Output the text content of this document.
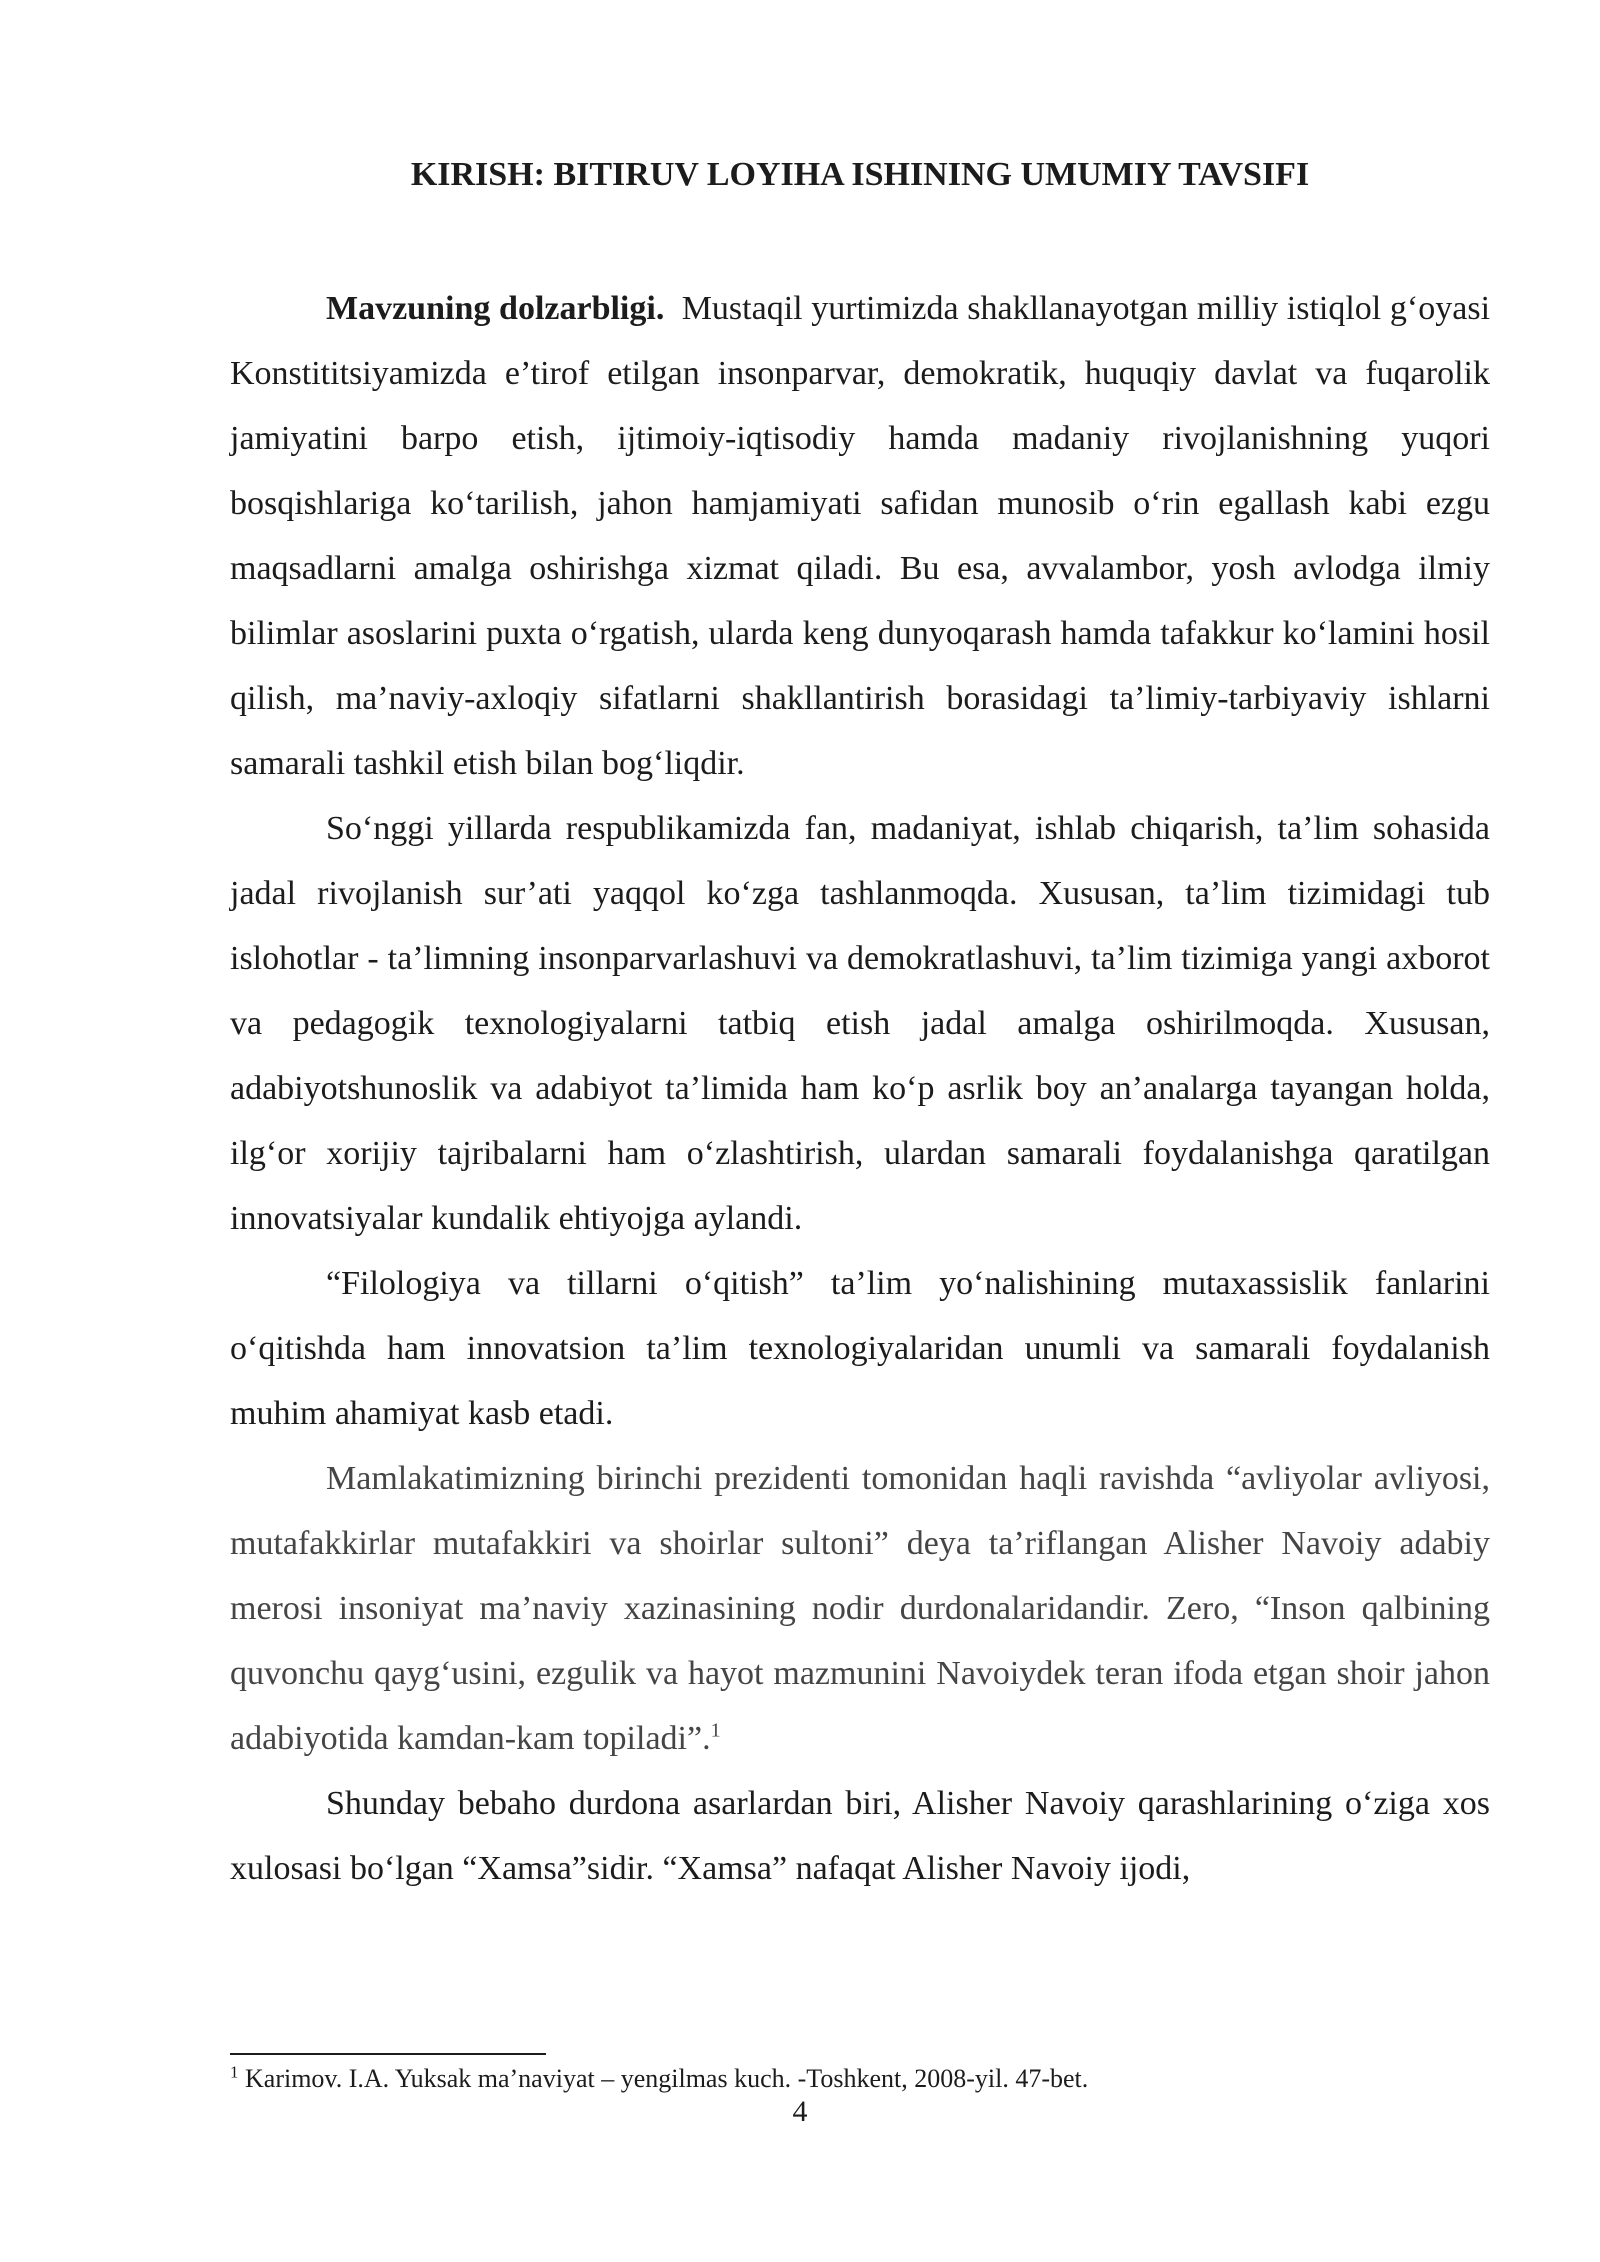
KIRISH: BITIRUV LOYIHA ISHINING UMUMIY TAVSIFI

Mavzuning dolzarbligi. Mustaqil yurtimizda shakllanayotgan milliy istiqlol g‘oyasi Konstititsiyamizda e’tirof etilgan insonparvar, demokratik, huquqiy davlat va fuqarolik jamiyatini barpo etish, ijtimoiy-iqtisodiy hamda madaniy rivojlanishning yuqori bosqishlariga ko‘tarilish, jahon hamjamiyati safidan munosib o‘rin egallash kabi ezgu maqsadlarni amalga oshirishga xizmat qiladi. Bu esa, avvalambor, yosh avlodga ilmiy bilimlar asoslarini puxta o‘rgatish, ularda keng dunyoqarash hamda tafakkur ko‘lamini hosil qilish, ma’naviy-axloqiy sifatlarni shakllantirish borasidagi ta’limiy-tarbiyaviy ishlarni samarali tashkil etish bilan bog‘liqdir.

So‘nggi yillarda respublikamizda fan, madaniyat, ishlab chiqarish, ta’lim sohasida jadal rivojlanish sur’ati yaqqol ko‘zga tashlanmoqda. Xususan, ta’lim tizimidagi tub islohotlar - ta’limning insonparvarlashuvi va demokratlashuvi, ta’lim tizimiga yangi axborot va pedagogik texnologiyalarni tatbiq etish jadal amalga oshirilmoqda. Xususan, adabiyotshunoslik va adabiyot ta’limida ham ko‘p asrlik boy an’analarga tayangan holda, ilg‘or xorijiy tajribalarni ham o‘zlashtirish, ulardan samarali foydalanishga qaratilgan innovatsiyalar kundalik ehtiyojga aylandi.

“Filologiya va tillarni o‘qitish” ta’lim yo‘nalishining mutaxassislik fanlarini o‘qitishda ham innovatsion ta’lim texnologiyalaridan unumli va samarali foydalanish muhim ahamiyat kasb etadi.

Mamlakatimizning birinchi prezidenti tomonidan haqli ravishda “avliyolar avliyosi, mutafakkirlar mutafakkiri va shoirlar sultoni” deya ta’riflangan Alisher Navoiy adabiy merosi insoniyat ma’naviy xazinasining nodir durdonalaridandir. Zero, “Inson qalbining quvonchu qayg‘usini, ezgulik va hayot mazmunini Navoiydek teran ifoda etgan shoir jahon adabiyotida kamdan-kam topiladi”.$^1$

Shunday bebaho durdona asarlardan biri, Alisher Navoiy qarashlarining o‘ziga xos xulosasi bo‘lgan “Xamsa”sidir. “Xamsa” nafaqat Alisher Navoiy ijodi,

$^1$ Karimov. I.A. Yuksak ma’naviyat – yengilmas kuch. -Toshkent, 2008-yil. 47-bet.
4
